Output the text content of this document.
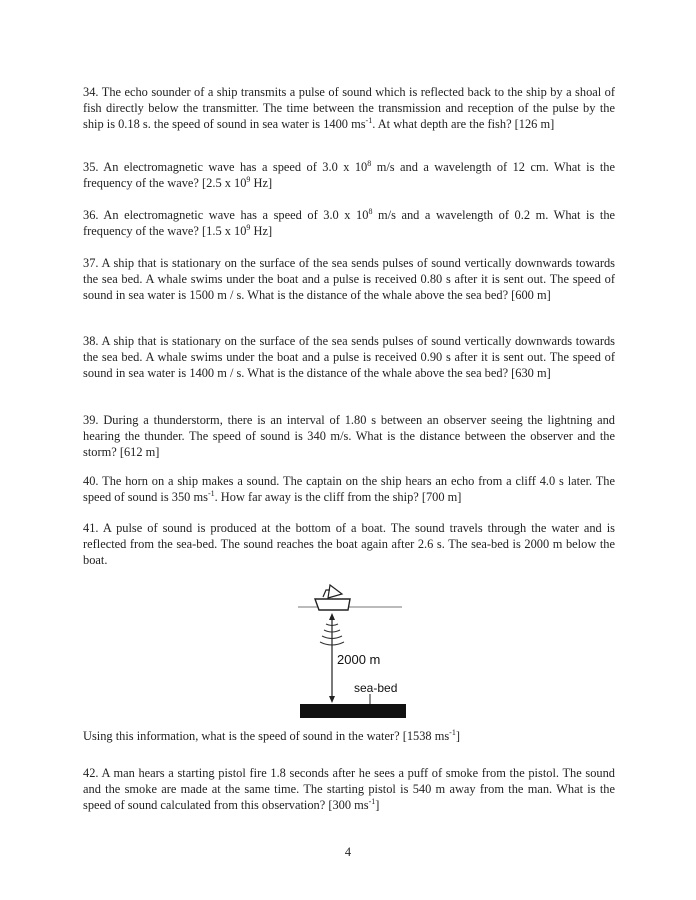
34. The echo sounder of a ship transmits a pulse of sound which is reflected back to the ship by a shoal of fish directly below the transmitter. The time between the transmission and reception of the pulse by the ship is 0.18 s. the speed of sound in sea water is 1400 $ms^{-1}$. At what depth are the fish? [126 m]

35. An electromagnetic wave has a speed of 3.0 x $10^8$ m/s and a wavelength of 12 cm. What is the frequency of the wave? [2.5 x $10^9$ Hz]

36. An electromagnetic wave has a speed of 3.0 x $10^8$ m/s and a wavelength of 0.2 m. What is the frequency of the wave? [1.5 x $10^9$ Hz]

37. A ship that is stationary on the surface of the sea sends pulses of sound vertically downwards towards the sea bed. A whale swims under the boat and a pulse is received 0.80 s after it is sent out. The speed of sound in sea water is 1500 m / s. What is the distance of the whale above the sea bed? [600 m]

38. A ship that is stationary on the surface of the sea sends pulses of sound vertically downwards towards the sea bed. A whale swims under the boat and a pulse is received 0.90 s after it is sent out. The speed of sound in sea water is 1400 m / s. What is the distance of the whale above the sea bed? [630 m]

39. During a thunderstorm, there is an interval of 1.80 s between an observer seeing the lightning and hearing the thunder. The speed of sound is 340 m/s. What is the distance between the observer and the storm? [612 m]

40. The horn on a ship makes a sound. The captain on the ship hears an echo from a cliff 4.0 s later. The speed of sound is 350 $ms^{-1}$. How far away is the cliff from the ship? [700 m]

41. A pulse of sound is produced at the bottom of a boat. The sound travels through the water and is reflected from the sea-bed. The sound reaches the boat again after 2.6 s. The sea-bed is 2000 m below the boat.

2000 m
sea-bed

Using this information, what is the speed of sound in the water? [1538 $ms^{-1}$]

42. A man hears a starting pistol fire 1.8 seconds after he sees a puff of smoke from the pistol. The sound and the smoke are made at the same time. The starting pistol is 540 m away from the man. What is the speed of sound calculated from this observation? [300 $ms^{-1}$]

4
